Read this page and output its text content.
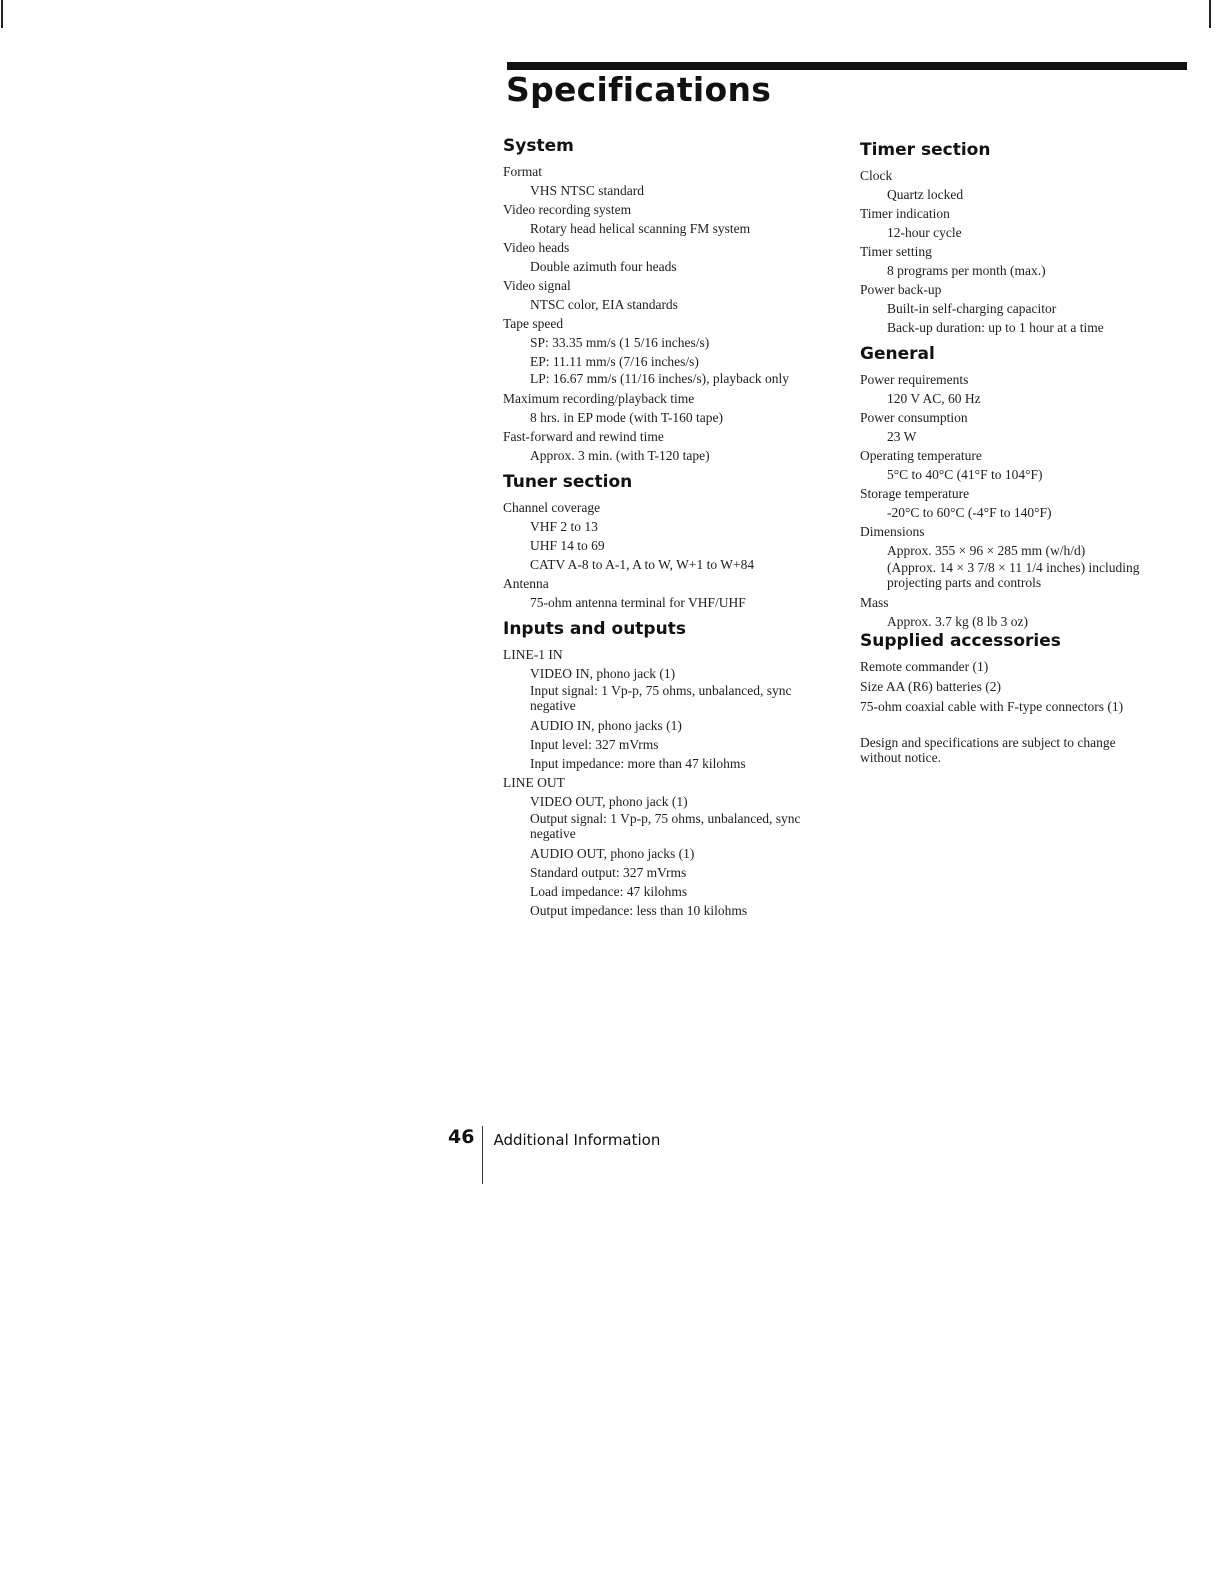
Specifications
System

Format

VHS NTSC standard

Video recording system

Rotary head helical scanning FM system

Video heads

Double azimuth four heads

Video signal

NTSC color, EIA standards

Tape speed

SP: 33.35 mm/s (1 5/16 inches/s)

EP: 11.11 mm/s (7/16 inches/s)

LP: 16.67 mm/s (11/16 inches/s), playback only

Maximum recording/playback time

8 hrs. in EP mode (with T-160 tape)

Fast-forward and rewind time

Approx. 3 min. (with T-120 tape)

Tuner section

Channel coverage

VHF 2 to 13

UHF 14 to 69

CATV A-8 to A-1, A to W, W+1 to W+84

Antenna

75-ohm antenna terminal for VHF/UHF

Inputs and outputs

LINE-1 IN

VIDEO IN, phono jack (1)

Input signal: 1 Vp-p, 75 ohms, unbalanced, sync negative

AUDIO IN, phono jacks (1)

Input level: 327 mVrms

Input impedance: more than 47 kilohms

LINE OUT

VIDEO OUT, phono jack (1)

Output signal: 1 Vp-p, 75 ohms, unbalanced, sync negative

AUDIO OUT, phono jacks (1)

Standard output: 327 mVrms

Load impedance: 47 kilohms

Output impedance: less than 10 kilohms

Timer section

Clock

Quartz locked

Timer indication

12-hour cycle

Timer setting

8 programs per month (max.)

Power back-up

Built-in self-charging capacitor

Back-up duration: up to 1 hour at a time

General

Power requirements

120 V AC, 60 Hz

Power consumption

23 W

Operating temperature

5°C to 40°C (41°F to 104°F)

Storage temperature

-20°C to 60°C (-4°F to 140°F)

Dimensions

Approx. 355 × 96 × 285 mm (w/h/d)

(Approx. 14 × 3 7/8 × 11 1/4 inches) including projecting parts and controls

Mass

Approx. 3.7 kg (8 lb 3 oz)

Supplied accessories
Remote commander (1)
Size AA (R6) batteries (2)
75-ohm coaxial cable with F-type connectors (1)

Design and specifications are subject to change without notice.

46 Additional Information
